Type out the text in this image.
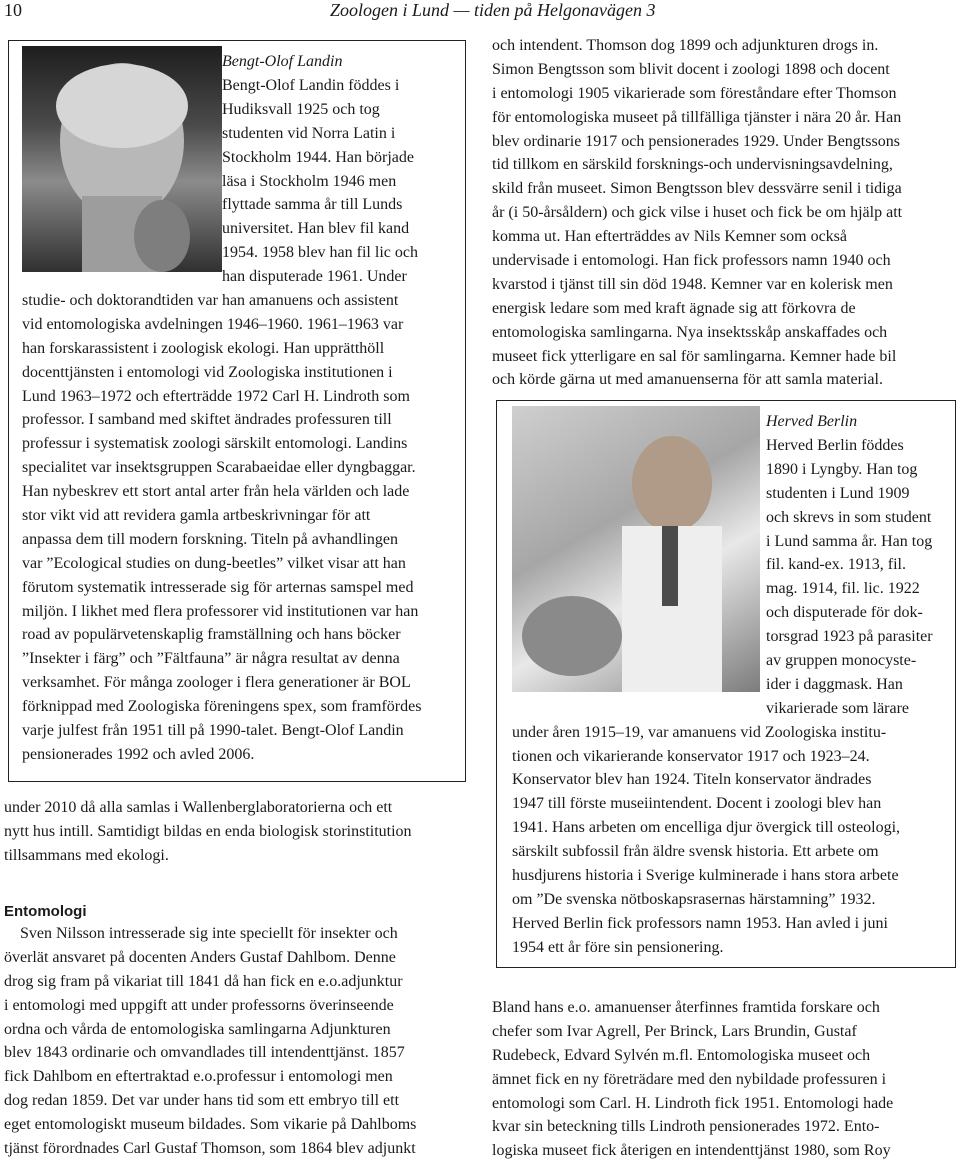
10	Zoologen i Lund — tiden på Helgonavägen 3
Bengt-Olof Landin
Bengt-Olof Landin föddes i
Hudiksvall 1925 och tog
studenten vid Norra Latin i
Stockholm 1944. Han började
läsa i Stockholm 1946 men
flyttade samma år till Lunds
universitet. Han blev fil kand
1954. 1958 blev han fil lic och
han disputerade 1961. Under
studie- och doktorandtiden var han amanuens och assistent
vid entomologiska avdelningen 1946–1960. 1961–1963 var
han forskarassistent i zoologisk ekologi. Han upprätthöll
docenttjänsten i entomologi vid Zoologiska institutionen i
Lund 1963–1972 och efterträdde 1972 Carl H. Lindroth som
professor. I samband med skiftet ändrades professuren till
professur i systematisk zoologi särskilt entomologi. Landins
specialitet var insektsgruppen Scarabaeidae eller dyngbaggar.
Han nybeskrev ett stort antal arter från hela världen och lade
stor vikt vid att revidera gamla artbeskrivningar för att
anpassa dem till modern forskning. Titeln på avhandlingen
var ”Ecological studies on dung-beetles” vilket visar att han
förutom systematik intresserade sig för arternas samspel med
miljön. I likhet med flera professorer vid institutionen var han
road av populärvetenskaplig framställning och hans böcker
”Insekter i färg” och ”Fältfauna” är några resultat av denna
verksamhet. För många zoologer i flera generationer är BOL
förknippad med Zoologiska föreningens spex, som framfördes
varje julfest från 1951 till på 1990-talet. Bengt-Olof Landin
pensionerades 1992 och avled 2006.
under 2010 då alla samlas i Wallenberglaboratorierna och ett
nytt hus intill. Samtidigt bildas en enda biologisk storinstitution
tillsammans med ekologi.
Entomologi
Sven Nilsson intresserade sig inte speciellt för insekter och
överlät ansvaret på docenten Anders Gustaf Dahlbom. Denne
drog sig fram på vikariat till 1841 då han fick en e.o.adjunktur
i entomologi med uppgift att under professorns överinseende
ordna och vårda de entomologiska samlingarna Adjunkturen
blev 1843 ordinarie och omvandlades till intendenttjänst. 1857
fick Dahlbom en eftertraktad e.o.professur i entomologi men
dog redan 1859. Det var under hans tid som ett embryo till ett
eget entomologiskt museum bildades. Som vikarie på Dahlboms
tjänst förordnades Carl Gustaf Thomson, som 1864 blev adjunkt
och intendent. Thomson dog 1899 och adjunkturen drogs in.
Simon Bengtsson som blivit docent i zoologi 1898 och docent
i entomologi 1905 vikarierade som föreståndare efter Thomson
för entomologiska museet på tillfälliga tjänster i nära 20 år. Han
blev ordinarie 1917 och pensionerades 1929. Under Bengtssons
tid tillkom en särskild forsknings-och undervisningsavdelning,
skild från museet. Simon Bengtsson blev dessvärre senil i tidiga
år (i 50-årsåldern) och gick vilse i huset och fick be om hjälp att
komma ut. Han efterträddes av Nils Kemner som också
undervisade i entomologi. Han fick professors namn 1940 och
kvarstod i tjänst till sin död 1948. Kemner var en kolerisk men
energisk ledare som med kraft ägnade sig att förkovra de
entomologiska samlingarna. Nya insektsskåp anskaffades och
museet fick ytterligare en sal för samlingarna. Kemner hade bil
och körde gärna ut med amanuenserna för att samla material.
Herved Berlin
Herved Berlin föddes
1890 i Lyngby. Han tog
studenten i Lund 1909
och skrevs in som student
i Lund samma år. Han tog
fil. kand-ex. 1913, fil.
mag. 1914, fil. lic. 1922
och disputerade för dok-
torsgrad 1923 på parasiter
av gruppen monocyste-
ider i daggmask. Han
vikarierade som lärare
under åren 1915–19, var amanuens vid Zoologiska institu-
tionen och vikarierande konservator 1917 och 1923–24.
Konservator blev han 1924. Titeln konservator ändrades
1947 till förste museiintendent. Docent i zoologi blev han
1941. Hans arbeten om encelliga djur övergick till osteologi,
särskilt subfossil från äldre svensk historia. Ett arbete om
husdjurens historia i Sverige kulminerade i hans stora arbete
om ”De svenska nötboskapsrasernas härstamning” 1932.
Herved Berlin fick professors namn 1953. Han avled i juni
1954 ett år före sin pensionering.
Bland hans e.o. amanuenser återfinnes framtida forskare och
chefer som Ivar Agrell, Per Brinck, Lars Brundin, Gustaf
Rudebeck, Edvard Sylvén m.fl. Entomologiska museet och
ämnet fick en ny företrädare med den nybildade professuren i
entomologi som Carl. H. Lindroth fick 1951. Entomologi hade
kvar sin beteckning tills Lindroth pensionerades 1972. Ento-
logiska museet fick återigen en intendenttjänst 1980, som Roy
